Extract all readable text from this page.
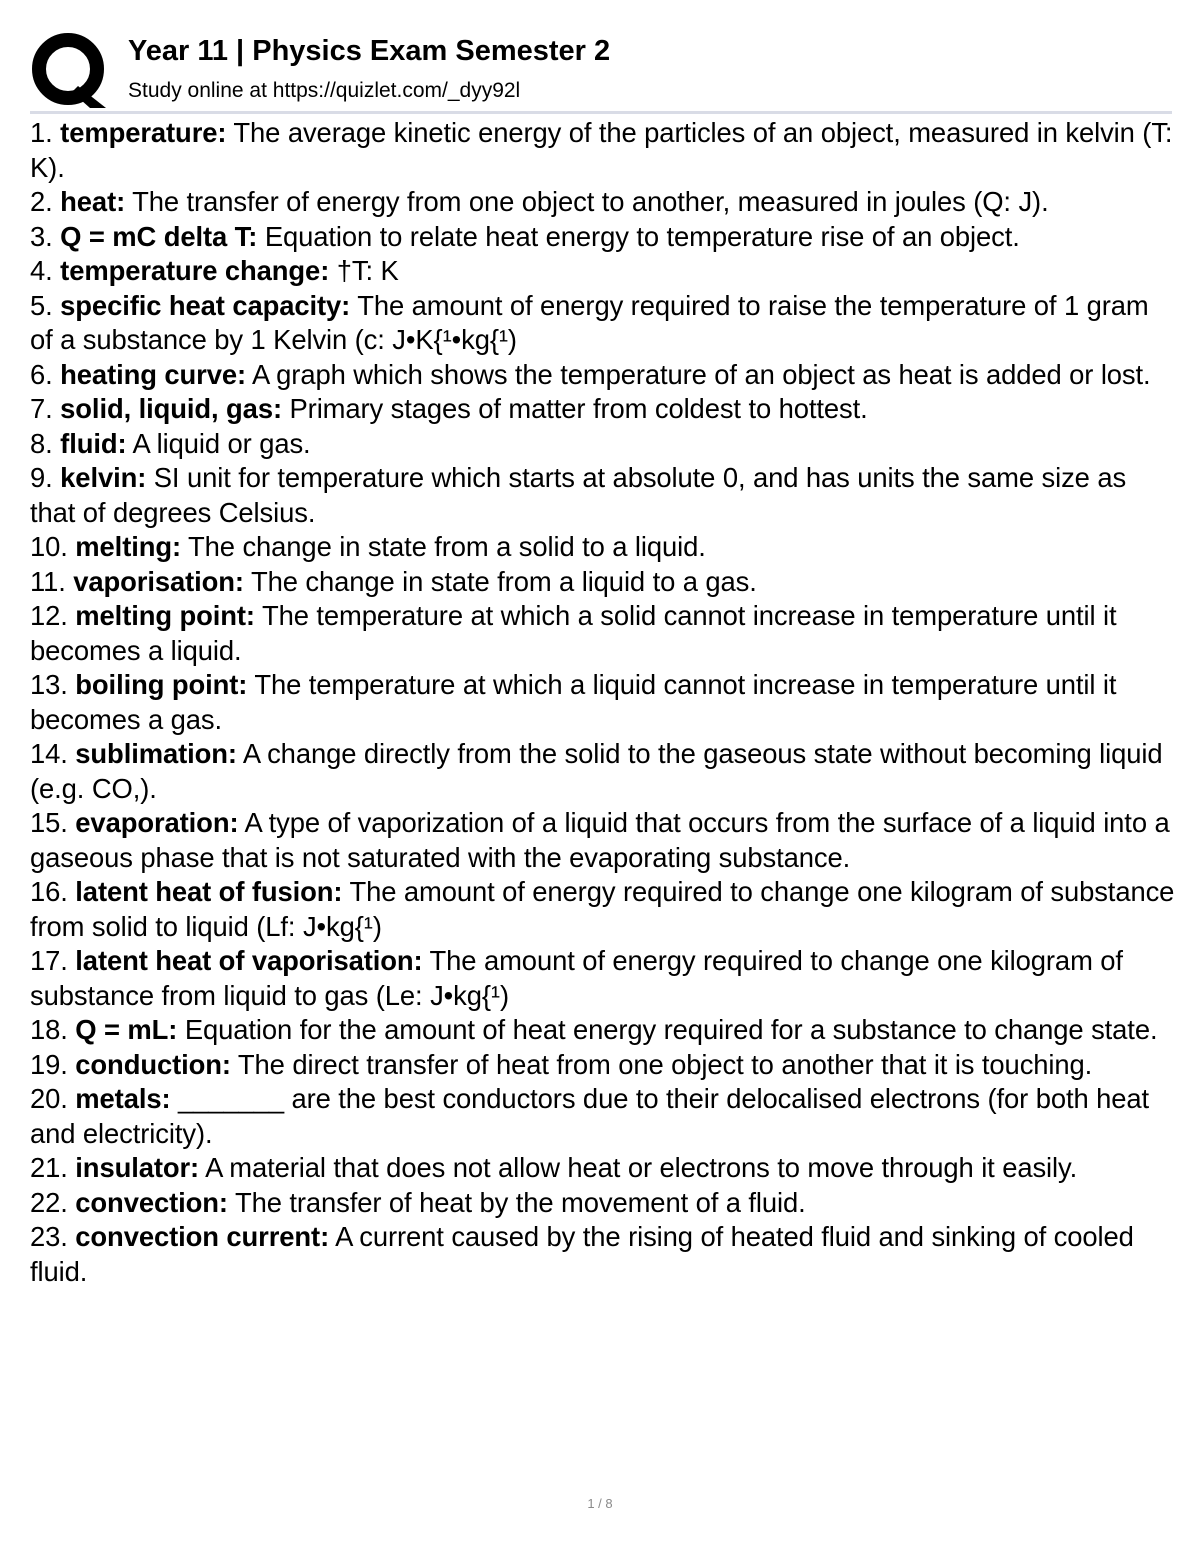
Year 11 | Physics Exam Semester 2
Study online at https://quizlet.com/_dyy92l
1. temperature: The average kinetic energy of the particles of an object, measured in kelvin (T: K).
2. heat: The transfer of energy from one object to another, measured in joules (Q: J).
3. Q = mC delta T: Equation to relate heat energy to temperature rise of an object.
4. temperature change: †T: K
5. specific heat capacity: The amount of energy required to raise the temperature of 1 gram of a substance by 1 Kelvin (c: J•K{¹•kg{¹)
6. heating curve: A graph which shows the temperature of an object as heat is added or lost.
7. solid, liquid, gas: Primary stages of matter from coldest to hottest.
8. fluid: A liquid or gas.
9. kelvin: SI unit for temperature which starts at absolute 0, and has units the same size as that of degrees Celsius.
10. melting: The change in state from a solid to a liquid.
11. vaporisation: The change in state from a liquid to a gas.
12. melting point: The temperature at which a solid cannot increase in temperature until it becomes a liquid.
13. boiling point: The temperature at which a liquid cannot increase in temperature until it becomes a gas.
14. sublimation: A change directly from the solid to the gaseous state without becoming liquid (e.g. CO,).
15. evaporation: A type of vaporization of a liquid that occurs from the surface of a liquid into a gaseous phase that is not saturated with the evaporating substance.
16. latent heat of fusion: The amount of energy required to change one kilogram of substance from solid to liquid (Lf: J•kg{¹)
17. latent heat of vaporisation: The amount of energy required to change one kilogram of substance from liquid to gas (Le: J•kg{¹)
18. Q = mL: Equation for the amount of heat energy required for a substance to change state.
19. conduction: The direct transfer of heat from one object to another that it is touching.
20. metals: _______ are the best conductors due to their delocalised electrons (for both heat and electricity).
21. insulator: A material that does not allow heat or electrons to move through it easily.
22. convection: The transfer of heat by the movement of a fluid.
23. convection current: A current caused by the rising of heated fluid and sinking of cooled fluid.
1 / 8
